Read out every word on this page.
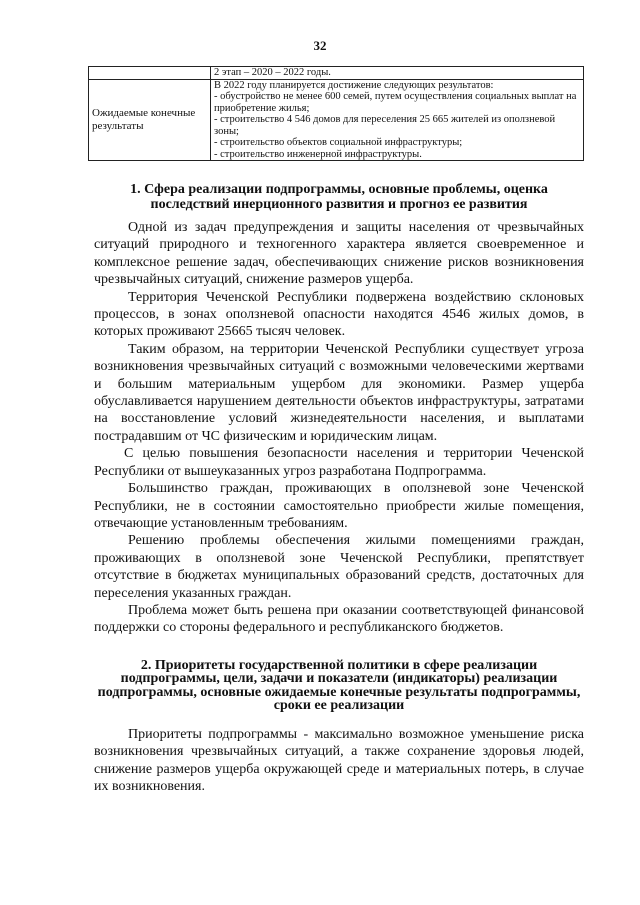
32
	2 этап – 2020 – 2022 годы.
Ожидаемые конечные результаты	В 2022 году планируется достижение следующих результатов:
- обустройство не менее 600 семей, путем осуществления социальных выплат на приобретение жилья;
- строительство 4 546 домов для переселения 25 665 жителей из оползневой зоны;
- строительство объектов социальной инфраструктуры;
- строительство инженерной инфраструктуры.
1. Сфера реализации подпрограммы, основные проблемы, оценка последствий инерционного развития и прогноз ее развития

Одной из задач предупреждения и защиты населения от чрезвычайных ситуаций природного и техногенного характера является своевременное и комплексное решение задач, обеспечивающих снижение рисков возникновения чрезвычайных ситуаций, снижение размеров ущерба.

Территория Чеченской Республики подвержена воздействию склоновых процессов, в зонах оползневой опасности находятся 4546 жилых домов, в которых проживают 25665 тысяч человек.

Таким образом, на территории Чеченской Республики существует угроза возникновения чрезвычайных ситуаций с возможными человеческими жертвами и большим материальным ущербом для экономики. Размер ущерба обуславливается нарушением деятельности объектов инфраструктуры, затратами на восстановление условий жизнедеятельности населения, и выплатами пострадавшим от ЧС физическим и юридическим лицам.

С целью повышения безопасности населения и территории Чеченской Республики от вышеуказанных угроз разработана Подпрограмма.

Большинство граждан, проживающих в оползневой зоне Чеченской Республики, не в состоянии самостоятельно приобрести жилые помещения, отвечающие установленным требованиям.

Решению проблемы обеспечения жилыми помещениями граждан, проживающих в оползневой зоне Чеченской Республики, препятствует отсутствие в бюджетах муниципальных образований средств, достаточных для переселения указанных граждан.

Проблема может быть решена при оказании соответствующей финансовой поддержки со стороны федерального и республиканского бюджетов.

2. Приоритеты государственной политики в сфере реализации подпрограммы, цели, задачи и показатели (индикаторы) реализации подпрограммы, основные ожидаемые конечные результаты подпрограммы, сроки ее реализации

Приоритеты подпрограммы - максимально возможное уменьшение риска возникновения чрезвычайных ситуаций, а также сохранение здоровья людей, снижение размеров ущерба окружающей среде и материальных потерь, в случае их возникновения.
